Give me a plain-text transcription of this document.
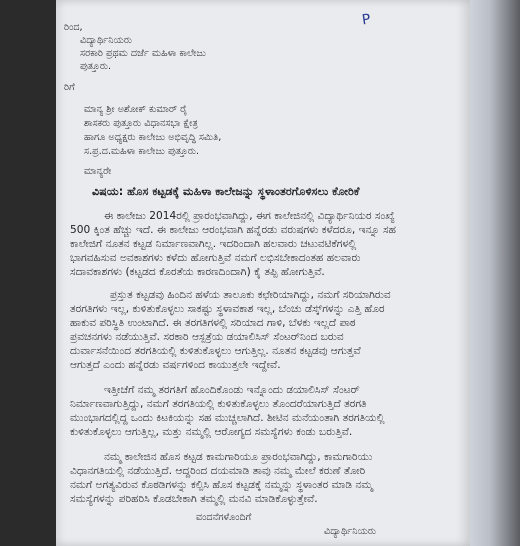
P
ರಿಂದ,
ವಿದ್ಯಾರ್ಥಿನಿಯರು
ಸರಕಾರಿ ಪ್ರಥಮ ದರ್ಜೆ ಮಹಿಳಾ ಕಾಲೇಜು
ಪುತ್ತೂರು.
ರಿಗೆ
ಮಾನ್ಯ ಶ್ರೀ ಅಶೋಕ್ ಕುಮಾರ್ ರೈ
ಶಾಸಕರು ಪುತ್ತೂರು ವಿಧಾನಸಭಾ ಕ್ಷೇತ್ರ
ಹಾಗೂ ಅಧ್ಯಕ್ಷರು ಕಾಲೇಜು ಅಭಿವೃದ್ಧಿ ಸಮಿತಿ,
ಸ.ಪ್ರ.ದ.ಮಹಿಳಾ ಕಾಲೇಜು ಪುತ್ತೂರು.
ಮಾನ್ಯರೇ
ವಿಷಯ: ಹೊಸ ಕಟ್ಟಡಕ್ಕೆ ಮಹಿಳಾ ಕಾಲೇಜನ್ನು ಸ್ಥಳಾಂತರಗೊಳಿಸಲು ಕೋರಿಕೆ
ಈ ಕಾಲೇಜು 2014ರಲ್ಲಿ ಪ್ರಾರಂಭವಾಗಿದ್ದು, ಈಗ ಕಾಲೇಜಿನಲ್ಲಿ ವಿದ್ಯಾರ್ಥಿನಿಯರ ಸಂಖ್ಯೆ
500 ಕ್ಕಿಂತ ಹೆಚ್ಚು ಇದೆ. ಈ ಕಾಲೇಜು ಆರಂಭವಾಗಿ ಹನ್ನೆರಡು ವರುಷಗಳು ಕಳೆದರೂ, ಇನ್ನೂ ಸಹ
ಕಾಲೇಜಿಗೆ ನೂತನ ಕಟ್ಟಡ ನಿರ್ಮಾಣವಾಗಿಲ್ಲ. ಇದರಿಂದಾಗಿ ಹಲವಾರು ಚಟುವಟಿಕೆಗಳಲ್ಲಿ
ಭಾಗವಹಿಸುವ ಅವಕಾಶಗಳು ಕಳೆದು ಹೋಗುತ್ತಿವೆ ನಮಗೆ ಲಭಿಸಬೇಕಾದಂತಹ ಹಲವಾರು
ಸದಾವಕಾಶಗಳು (ಕಟ್ಟಡದ ಕೊರತೆಯ ಕಾರಣದಿಂದಾಗಿ) ಕೈ ತಪ್ಪಿ ಹೋಗುತ್ತಿವೆ.
ಪ್ರಸ್ತುತ ಕಟ್ಟಡವು ಹಿಂದಿನ ಹಳೆಯ ತಾಲೂಕು ಕಛೇರಿಯಾಗಿದ್ದು, ನಮಗೆ ಸರಿಯಾಗಿರುವ
ತರಗತಿಗಳು ಇಲ್ಲ, ಕುಳಿತುಕೊಳ್ಳಲು ಸಾಕಷ್ಟು ಸ್ಥಳಾವಕಾಶ ಇಲ್ಲ, ಬೆಂಚು ಡೆಸ್ಕ್‌ಗಳನ್ನು ಎತ್ತಿ ಹೊರ
ಹಾಕುವ ಪರಿಸ್ಥಿತಿ ಉಂಟಾಗಿದೆ. ಈ ತರಗತಿಗಳಲ್ಲಿ ಸರಿಯಾದ ಗಾಳಿ, ಬೆಳಕು ಇಲ್ಲದೆ ಪಾಠ
ಪ್ರವಚನಗಳು ನಡೆಯುತ್ತಿವೆ. ಸರಕಾರಿ ಆಸ್ಪತ್ರೆಯ ಡಯಾಲಿಸಿಸ್ ಸೆಂಟರ್‌ನಿಂದ ಬರುವ
ದುರ್ವಾಸನೆಯಿಂದ ತರಗತಿಯಲ್ಲಿ ಕುಳಿತುಕೊಳ್ಳಲು ಆಗುತ್ತಿಲ್ಲ. ನೂತನ ಕಟ್ಟಡವು ಆಗುತ್ತವೆ
ಆಗುತ್ತದೆ ಎಂದು ಹನ್ನೆರಡು ವರ್ಷಗಳಿಂದ ಕಾಯುತ್ತಲೇ ಇದ್ದೇವೆ.
ಇತ್ತೀಚೆಗೆ ನಮ್ಮ ತರಗತಿಗೆ ಹೊಂದಿಕೊಂಡು ಇನ್ನೊಂದು ಡಯಾಲಿಸಿಸ್ ಸೆಂಟರ್
ನಿರ್ಮಾಣವಾಗುತ್ತಿದ್ದು, ನಮಗೆ ತರಗತಿಯಲ್ಲಿ ಕುಳಿತುಕೊಳ್ಳಲು ತೊಂದರೆಯಾಗುತ್ತಿದೆ ತರಗತಿ
ಮುಂಭಾಗದಲ್ಲಿದ್ದ ಒಂದು ಕಿಟಕಿಯನ್ನು ಸಹ ಮುಚ್ಚಲಾಗಿದೆ. ಶೀಟಿನ ಮನೆಯಂತಾಗಿ ತರಗತಿಯಲ್ಲಿ
ಕುಳಿತುಕೊಳ್ಳಲು ಆಗುತ್ತಿಲ್ಲ, ಮತ್ತು ನಮ್ಮಲ್ಲಿ ಆರೋಗ್ಯದ ಸಮಸ್ಯೆಗಳು ಕಂಡು ಬರುತ್ತಿವೆ.
ನಮ್ಮ ಕಾಲೇಜಿನ ಹೊಸ ಕಟ್ಟಡ ಕಾಮಗಾರಿಯೂ ಪ್ರಾರಂಭವಾಗಿದ್ದು, ಕಾಮಗಾರಿಯು
ವಿಧಾನಗತಿಯಲ್ಲಿ ನಡೆಯುತ್ತಿದೆ. ಆದ್ದರಿಂದ ದಯಮಾಡಿ ತಾವು ನಮ್ಮ ಮೇಲೆ ಕರುಣೆ ತೋರಿ
ನಮಗೆ ಅಗತ್ಯವಿರುವ ಕೊಠಡಿಗಳನ್ನು ಕಲ್ಪಿಸಿ ಹೊಸ ಕಟ್ಟಡಕ್ಕೆ ನಮ್ಮನ್ನು ಸ್ಥಳಾಂತರ ಮಾಡಿ ನಮ್ಮ
ಸಮಸ್ಯೆಗಳನ್ನು ಪರಿಹರಿಸಿ ಕೊಡಬೇಕಾಗಿ ತಮ್ಮಲ್ಲಿ ಮನವಿ ಮಾಡಿಕೊಳ್ಳುತ್ತೇವೆ.
ವಂದನೆಗಳೊಂದಿಗೆ
ವಿದ್ಯಾರ್ಥಿನಿಯರು
